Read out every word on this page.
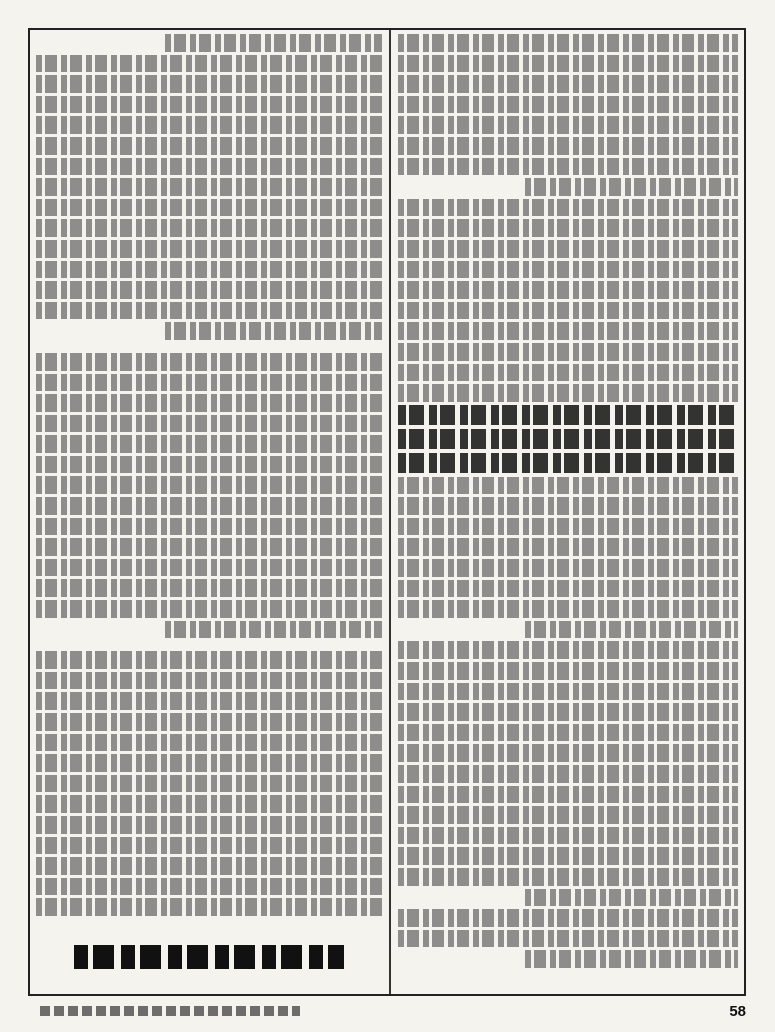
58
